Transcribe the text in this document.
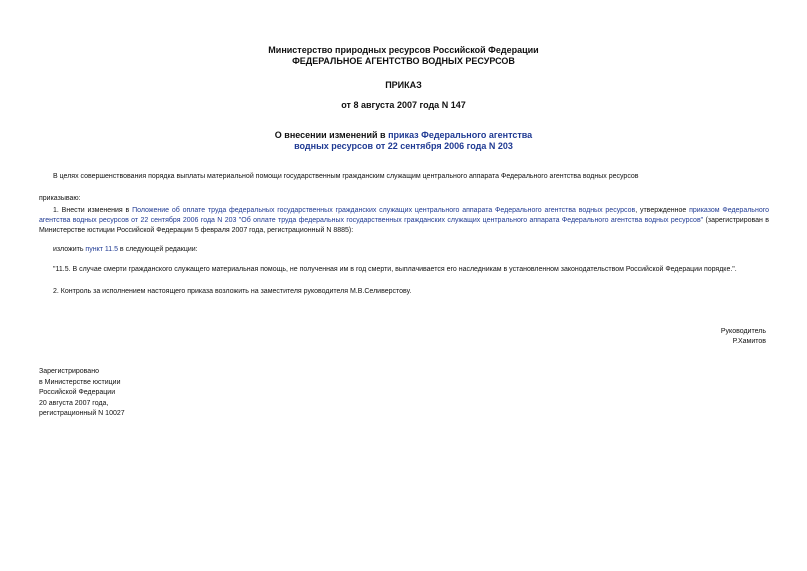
Министерство природных ресурсов Российской Федерации

ФЕДЕРАЛЬНОЕ АГЕНТСТВО ВОДНЫХ РЕСУРСОВ

ПРИКАЗ

от 8 августа 2007 года N 147

О внесении изменений в приказ Федерального агентства

водных ресурсов от 22 сентября 2006 года N 203

В целях совершенствования порядка выплаты материальной помощи государственным гражданским служащим центрального аппарата Федерального агентства водных ресурсов

приказываю:

1. Внести изменения в Положение об оплате труда федеральных государственных гражданских служащих центрального аппарата Федерального агентства водных ресурсов, утвержденное приказом Федерального агентства водных ресурсов от 22 сентября 2006 года N 203 "Об оплате труда федеральных государственных гражданских служащих центрального аппарата Федерального агентства водных ресурсов" (зарегистрирован в Министерстве юстиции Российской Федерации 5 февраля 2007 года, регистрационный N 8885):

изложить пункт 11.5 в следующей редакции:

"11.5. В случае смерти гражданского служащего материальная помощь, не полученная им в год смерти, выплачивается его наследникам в установленном законодательством Российской Федерации порядке.".

2. Контроль за исполнением настоящего приказа возложить на заместителя руководителя М.В.Селиверстову.

Руководитель

Р.Хамитов

Зарегистрировано

в Министерстве юстиции

Российской Федерации

20 августа 2007 года,

регистрационный N 10027
